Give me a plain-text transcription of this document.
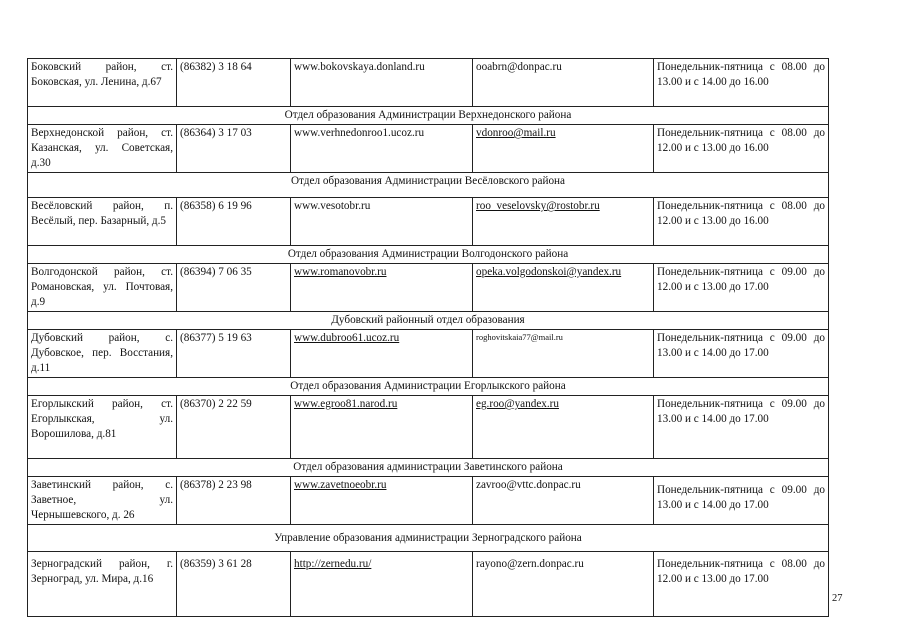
Боковский район, ст. Боковская, ул. Ленина, д.67	(86382) 3 18 64	www.bokovskaya.donland.ru	ooabrn@donpac.ru	Понедельник-пятница с 08.00 до 13.00 и с 14.00 до 16.00
Отдел образования Администрации Верхнедонского района				
Верхнедонской район, ст. Казанская, ул. Советская, д.30	(86364) 3 17 03	www.verhnedonroo1.ucoz.ru	vdonroo@mail.ru	Понедельник-пятница с 08.00 до 12.00 и с 13.00 до 16.00
Отдел образования Администрации Весёловского района				
Весёловский район, п. Весёлый, пер. Базарный, д.5	(86358) 6 19 96	www.vesotobr.ru	roo_veselovsky@rostobr.ru	Понедельник-пятница с 08.00 до 12.00 и с 13.00 до 16.00
Отдел образования Администрации Волгодонского района				
Волгодонской район, ст. Романовская, ул. Почтовая, д.9	(86394) 7 06 35	www.romanovobr.ru	opeka.volgodonskoi@yandex.ru	Понедельник-пятница с 09.00 до 12.00 и с 13.00 до 17.00
Дубовский районный отдел образования				
Дубовский район, с. Дубовское, пер. Восстания, д.11	(86377) 5 19 63	www.dubroo61.ucoz.ru	roghovitskaia77@mail.ru	Понедельник-пятница с 09.00 до 13.00 и с 14.00 до 17.00
Отдел образования Администрации Егорлыкского района				
Егорлыкский район, ст. Егорлыкская, ул. Ворошилова, д.81	(86370) 2 22 59	www.egroo81.narod.ru	eg.roo@yandex.ru	Понедельник-пятница с 09.00 до 13.00 и с 14.00 до 17.00
Отдел образования администрации Заветинского района				
Заветинский район, с. Заветное, ул. Чернышевского, д. 26	(86378) 2 23 98	www.zavetnoeobr.ru	zavroo@vttc.donpac.ru	Понедельник-пятница с 09.00 до 13.00 и с 14.00 до 17.00
Управление образования администрации Зерноградского района				
Зерноградский район, г. Зерноград, ул. Мира, д.16	(86359) 3 61 28	http://zernedu.ru/	rayono@zern.donpac.ru	Понедельник-пятница с 08.00 до 12.00 и с 13.00 до 17.00
27
